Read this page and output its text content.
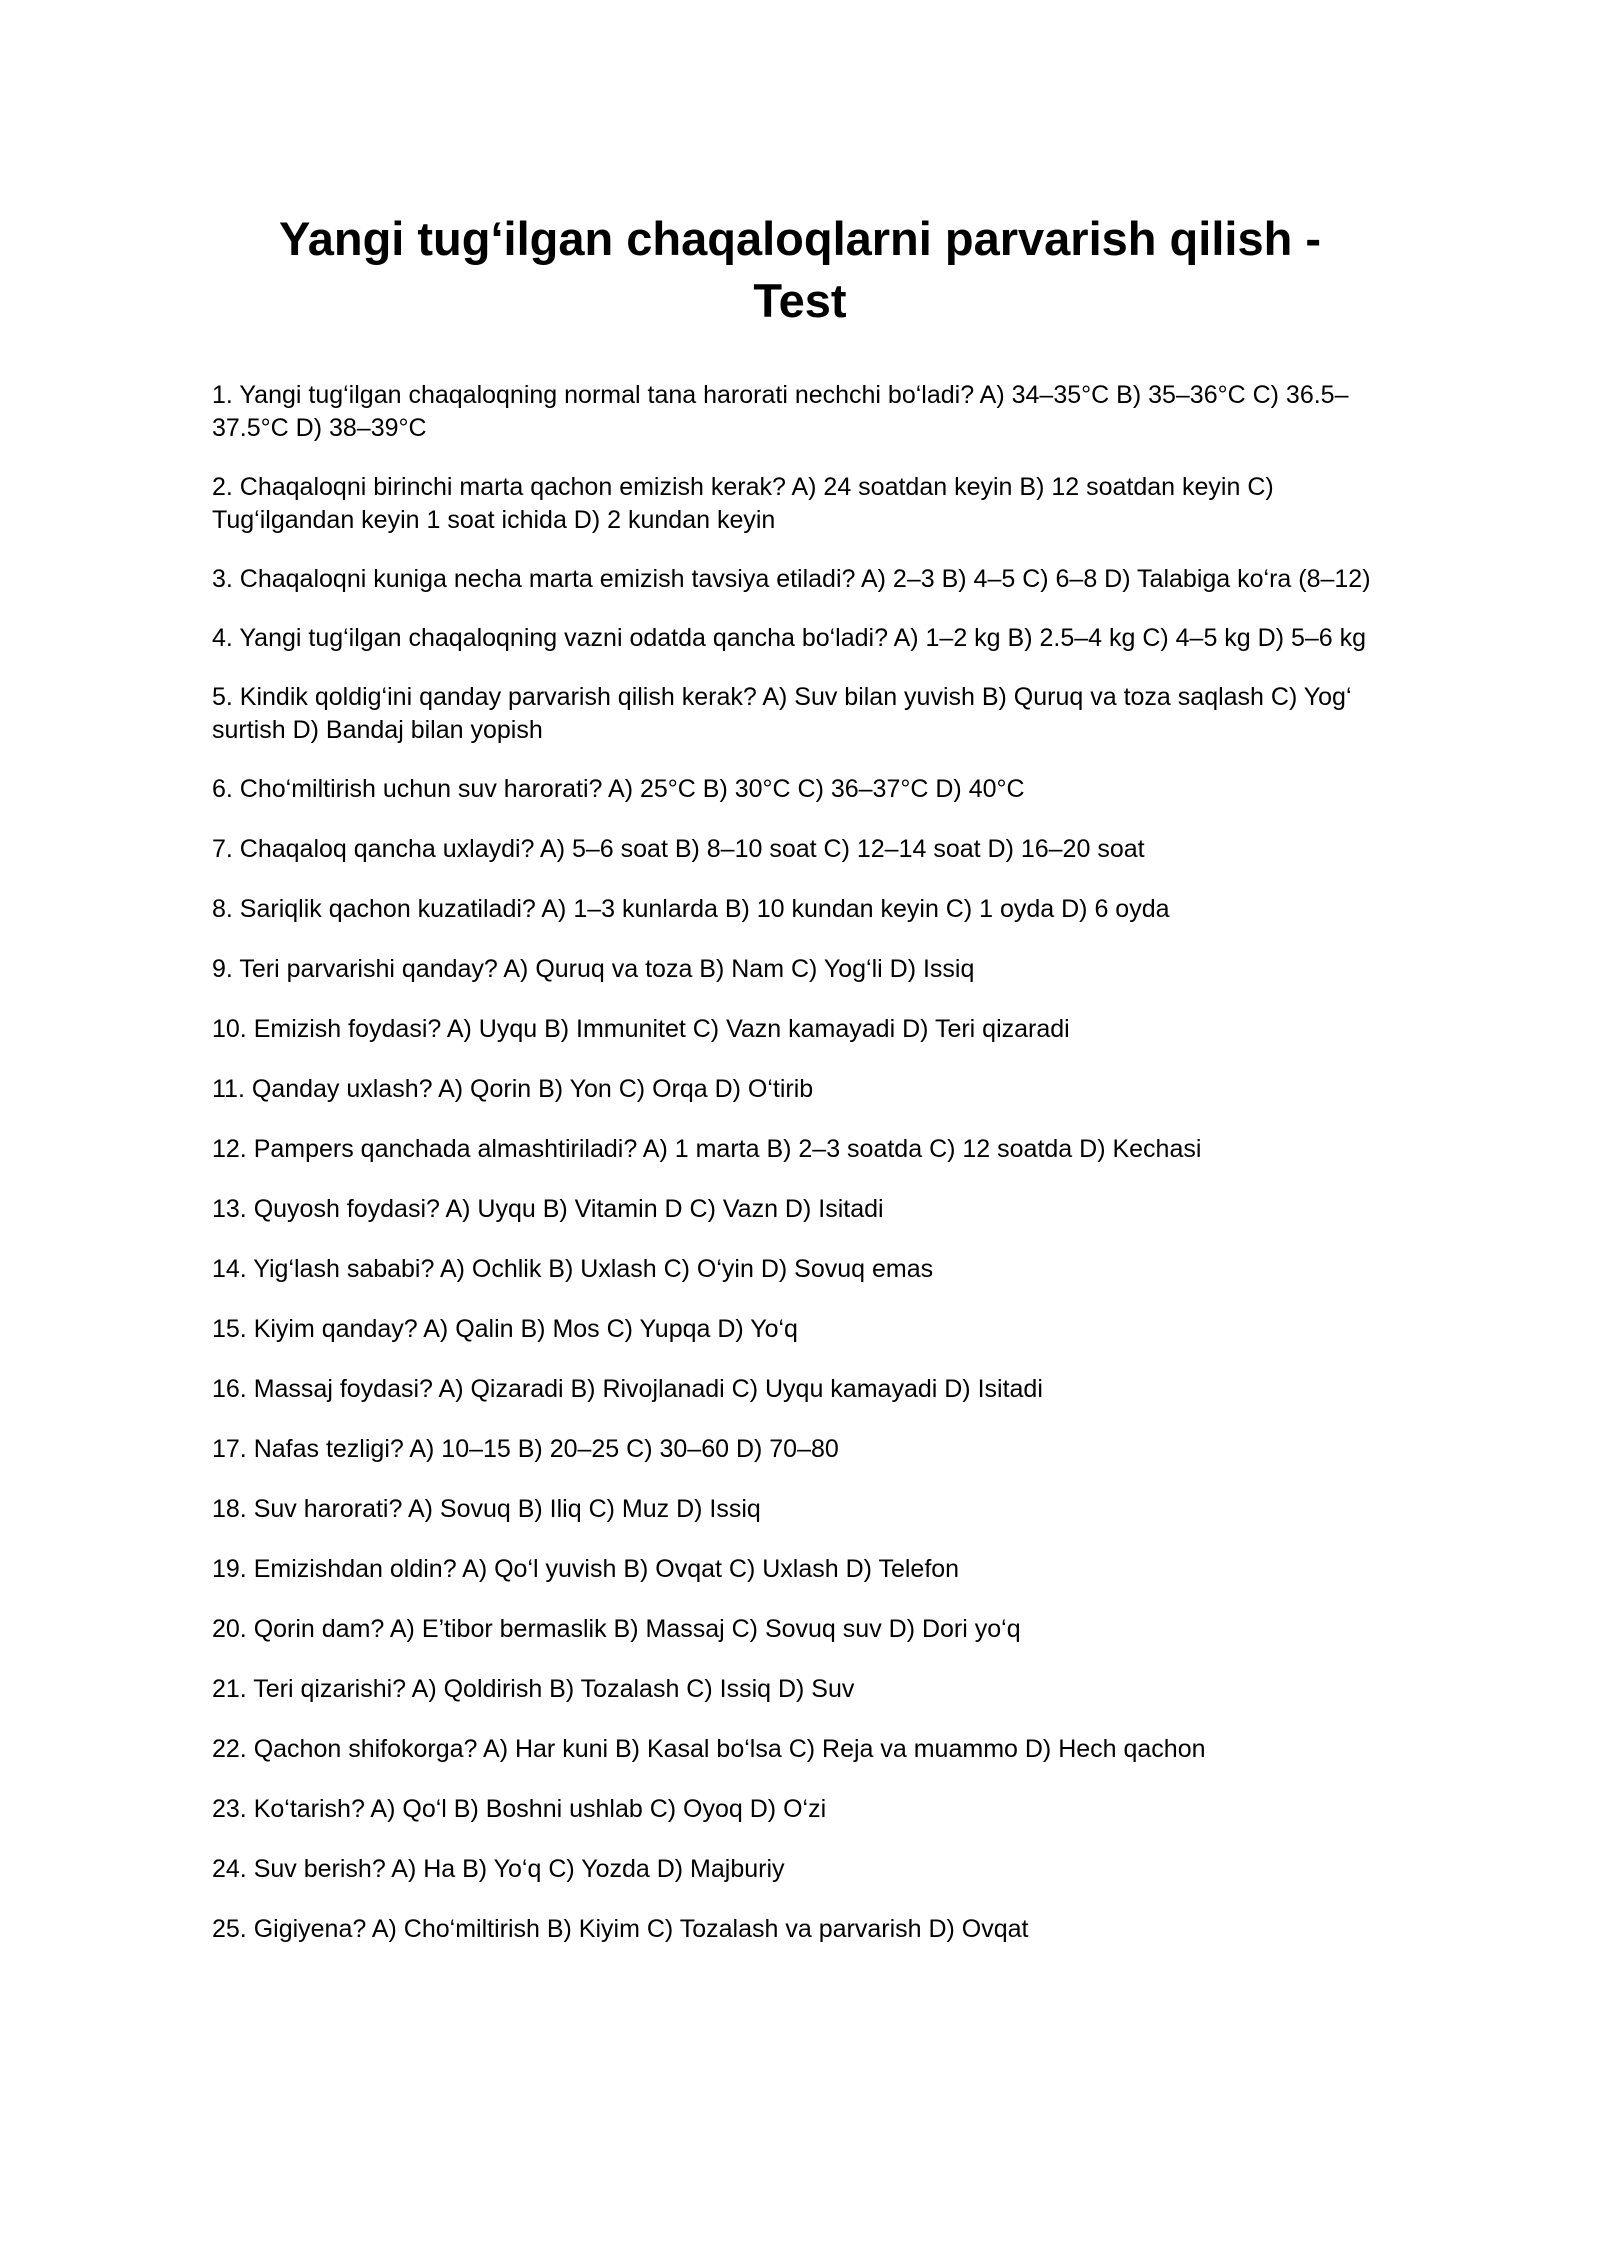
Yangi tug‘ilgan chaqaloqlarni parvarish qilish -
Test
1. Yangi tug‘ilgan chaqaloqning normal tana harorati nechchi bo‘ladi? A) 34–35°C B) 35–36°C C) 36.5–37.5°C D) 38–39°C
2. Chaqaloqni birinchi marta qachon emizish kerak? A) 24 soatdan keyin B) 12 soatdan keyin C) Tug‘ilgandan keyin 1 soat ichida D) 2 kundan keyin
3. Chaqaloqni kuniga necha marta emizish tavsiya etiladi? A) 2–3 B) 4–5 C) 6–8 D) Talabiga ko‘ra (8–12)
4. Yangi tug‘ilgan chaqaloqning vazni odatda qancha bo‘ladi? A) 1–2 kg B) 2.5–4 kg C) 4–5 kg D) 5–6 kg
5. Kindik qoldig‘ini qanday parvarish qilish kerak? A) Suv bilan yuvish B) Quruq va toza saqlash C) Yog‘ surtish D) Bandaj bilan yopish
6. Cho‘miltirish uchun suv harorati? A) 25°C B) 30°C C) 36–37°C D) 40°C
7. Chaqaloq qancha uxlaydi? A) 5–6 soat B) 8–10 soat C) 12–14 soat D) 16–20 soat
8. Sariqlik qachon kuzatiladi? A) 1–3 kunlarda B) 10 kundan keyin C) 1 oyda D) 6 oyda
9. Teri parvarishi qanday? A) Quruq va toza B) Nam C) Yog‘li D) Issiq
10. Emizish foydasi? A) Uyqu B) Immunitet C) Vazn kamayadi D) Teri qizaradi
11. Qanday uxlash? A) Qorin B) Yon C) Orqa D) O‘tirib
12. Pampers qanchada almashtiriladi? A) 1 marta B) 2–3 soatda C) 12 soatda D) Kechasi
13. Quyosh foydasi? A) Uyqu B) Vitamin D C) Vazn D) Isitadi
14. Yig‘lash sababi? A) Ochlik B) Uxlash C) O‘yin D) Sovuq emas
15. Kiyim qanday? A) Qalin B) Mos C) Yupqa D) Yo‘q
16. Massaj foydasi? A) Qizaradi B) Rivojlanadi C) Uyqu kamayadi D) Isitadi
17. Nafas tezligi? A) 10–15 B) 20–25 C) 30–60 D) 70–80
18. Suv harorati? A) Sovuq B) Iliq C) Muz D) Issiq
19. Emizishdan oldin? A) Qo‘l yuvish B) Ovqat C) Uxlash D) Telefon
20. Qorin dam? A) E’tibor bermaslik B) Massaj C) Sovuq suv D) Dori yo‘q
21. Teri qizarishi? A) Qoldirish B) Tozalash C) Issiq D) Suv
22. Qachon shifokorga? A) Har kuni B) Kasal bo‘lsa C) Reja va muammo D) Hech qachon
23. Ko‘tarish? A) Qo‘l B) Boshni ushlab C) Oyoq D) O‘zi
24. Suv berish? A) Ha B) Yo‘q C) Yozda D) Majburiy
25. Gigiyena? A) Cho‘miltirish B) Kiyim C) Tozalash va parvarish D) Ovqat
